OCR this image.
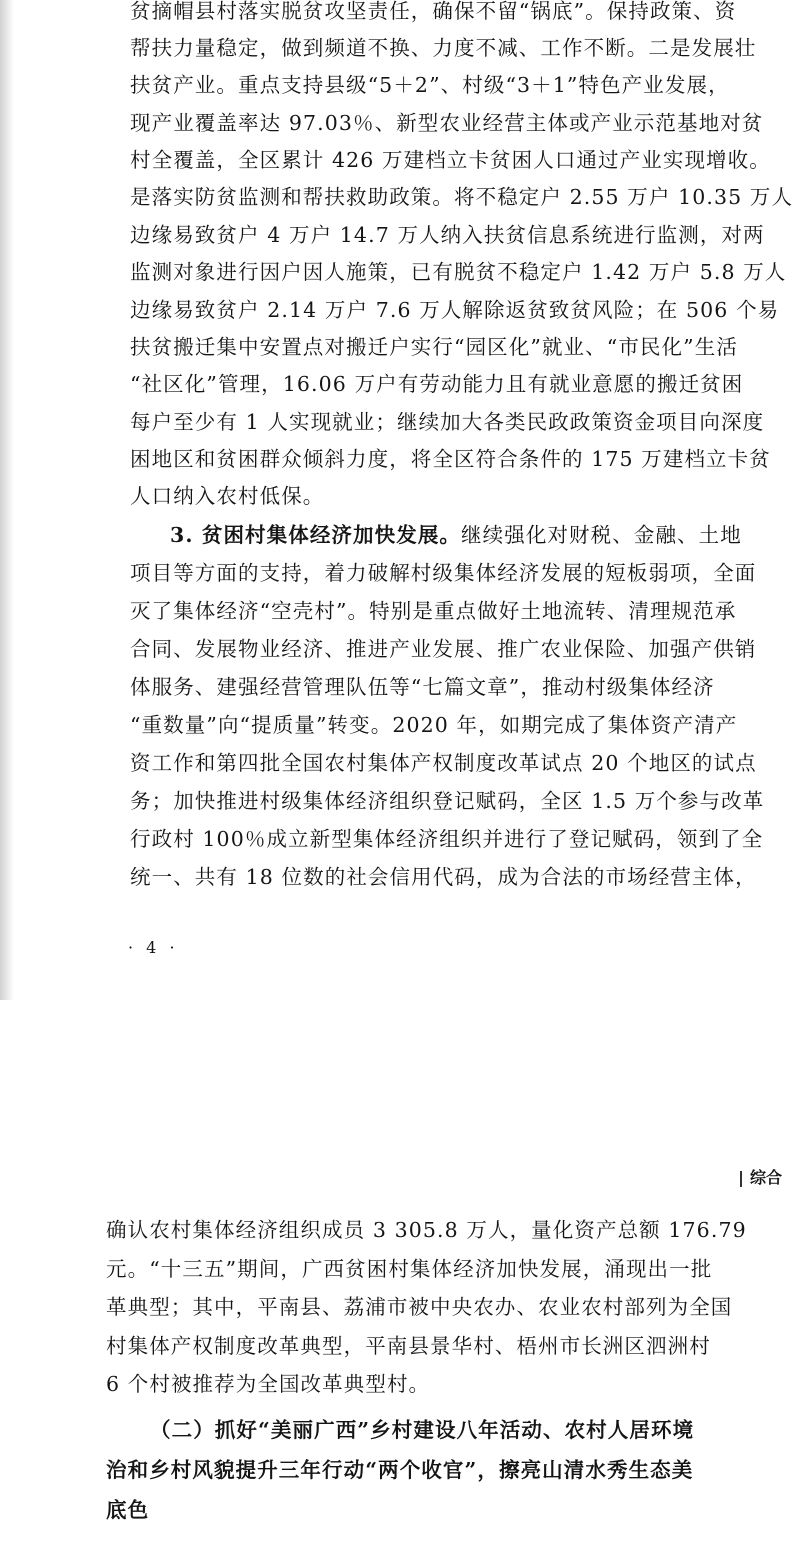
贫摘帽县村落实脱贫攻坚责任，确保不留“锅底”。保持政策、资
帮扶力量稳定，做到频道不换、力度不减、工作不断。二是发展壮
扶贫产业。重点支持县级“5＋2”、村级“3＋1”特色产业发展，
现产业覆盖率达 97.03％、新型农业经营主体或产业示范基地对贫
村全覆盖，全区累计 426 万建档立卡贫困人口通过产业实现增收。
是落实防贫监测和帮扶救助政策。将不稳定户 2.55 万户 10.35 万人
边缘易致贫户 4 万户 14.7 万人纳入扶贫信息系统进行监测，对两
监测对象进行因户因人施策，已有脱贫不稳定户 1.42 万户 5.8 万人
边缘易致贫户 2.14 万户 7.6 万人解除返贫致贫风险；在 506 个易
扶贫搬迁集中安置点对搬迁户实行“园区化”就业、“市民化”生活
“社区化”管理，16.06 万户有劳动能力且有就业意愿的搬迁贫困
每户至少有 1 人实现就业；继续加大各类民政政策资金项目向深度
困地区和贫困群众倾斜力度，将全区符合条件的 175 万建档立卡贫
人口纳入农村低保。
3. 贫困村集体经济加快发展。继续强化对财税、金融、土地
项目等方面的支持，着力破解村级集体经济发展的短板弱项，全面
灭了集体经济“空壳村”。特别是重点做好土地流转、清理规范承
合同、发展物业经济、推进产业发展、推广农业保险、加强产供销
体服务、建强经营管理队伍等“七篇文章”，推动村级集体经济
“重数量”向“提质量”转变。2020 年，如期完成了集体资产清产
资工作和第四批全国农村集体产权制度改革试点 20 个地区的试点
务；加快推进村级集体经济组织登记赋码，全区 1.5 万个参与改革
行政村 100％成立新型集体经济组织并进行了登记赋码，领到了全
统一、共有 18 位数的社会信用代码，成为合法的市场经营主体，
· 4 ·
综合
确认农村集体经济组织成员 3 305.8 万人，量化资产总额 176.79
元。“十三五”期间，广西贫困村集体经济加快发展，涌现出一批
革典型；其中，平南县、荔浦市被中央农办、农业农村部列为全国
村集体产权制度改革典型，平南县景华村、梧州市长洲区泗洲村
6 个村被推荐为全国改革典型村。
（二）抓好“美丽广西”乡村建设八年活动、农村人居环境
治和乡村风貌提升三年行动“两个收官”，擦亮山清水秀生态美
底色
